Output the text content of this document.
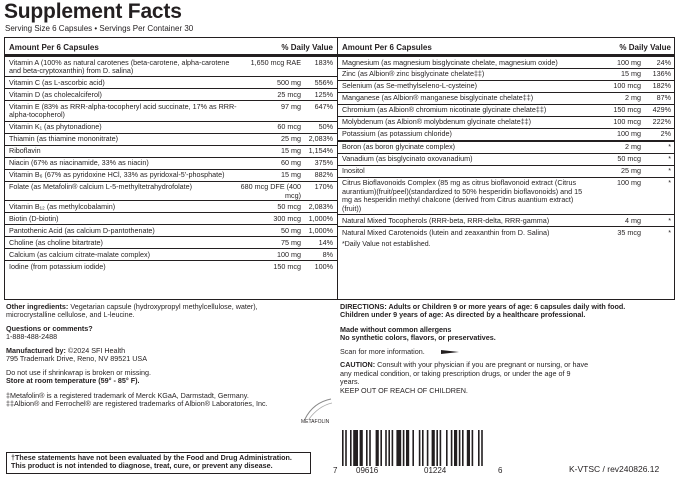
Supplement Facts
Serving Size 6 Capsules • Servings Per Container 30
Amount Per 6 Capsules	% Daily Value
Vitamin A (100% as natural carotenes (beta-carotene, alpha-carotene and beta-cryptoxanthin) from D. salina)
1,650 mcg RAE	183%
Vitamin C (as L-ascorbic acid)	500 mg	556%
Vitamin D (as cholecalciferol)	25 mcg	125%
Vitamin E (83% as RRR-alpha-tocopheryl acid succinate, 17% as RRR-alpha-tocopherol)
97 mg	647%
Vitamin K₁ (as phytonadione)	60 mcg	50%
Thiamin (as thiamine mononitrate)	25 mg	2,083%
Riboflavin	15 mg	1,154%
Niacin (67% as niacinamide, 33% as niacin)	60 mg	375%
Vitamin B₆ (67% as pyridoxine HCl, 33% as pyridoxal-5'-phosphate)	15 mg	882%
Folate (as Metafolin® calcium L-5-methyltetrahydrofolate)	680 mcg DFE (400 mcg)
170%
Vitamin B₁₂ (as methylcobalamin)	50 mcg	2,083%
Biotin (D-biotin)	300 mcg	1,000%
Pantothenic Acid (as calcium D-pantothenate)	50 mg	1,000%
Choline (as choline bitartrate)	75 mg	14%
Calcium (as calcium citrate-malate complex)	100 mg	8%
Iodine (from potassium iodide)	150 mcg	100%
Amount Per 6 Capsules	% Daily Value
Magnesium (as magnesium bisglycinate chelate, magnesium oxide)	100 mg	24%
Zinc (as Albion® zinc bisglycinate chelate‡‡)	15 mg	136%
Selenium (as Se-methylseleno-L-cysteine)	100 mcg	182%
Manganese (as Albion® manganese bisglycinate chelate‡‡)	2 mg	87%
Chromium (as Albion® chromium nicotinate glycinate chelate‡‡)	150 mcg	429%
Molybdenum (as Albion® molybdenum glycinate chelate‡‡)	100 mcg	222%
Potassium (as potassium chloride)	100 mg	2%
Boron (as boron glycinate complex)	2 mg	*
Vanadium (as bisglycinato oxovanadium)	50 mcg	*
Inositol	25 mg	*
Citrus Bioflavonoids Complex (85 mg as citrus bioflavonoid extract (Citrus aurantium)(fruit/peel)(standardized to 50% hesperidin bioflavonoids) and 15 mg as hesperidin methyl chalcone (derived from Citrus auantium extract)(fruit))
100 mg	*
Natural Mixed Tocopherols (RRR-beta, RRR-delta, RRR-gamma)	4 mg	*
Natural Mixed Carotenoids (lutein and zeaxanthin from D. Salina)	35 mcg	*
*Daily Value not established.

Other ingredients: Vegetarian capsule (hydroxypropyl methylcellulose, water), microcrystalline cellulose, and L-leucine.

Questions or comments?

1-888-488-2488

Manufactured by: ©2024 SFI Health

795 Trademark Drive, Reno, NV 89521 USA

Do not use if shrinkwrap is broken or missing.

Store at room temperature (59° - 85° F).

‡Metafolin® is a registered trademark of Merck KGaA, Darmstadt, Germany.

‡‡Albion® and Ferrochel® are registered trademarks of Albion® Laboratories, Inc.

METAFOLIN

†These statements have not been evaluated by the Food and Drug Administration.

This product is not intended to diagnose, treat, cure, or prevent any disease.

DIRECTIONS: Adults or Children 9 or more years of age: 6 capsules daily with food.

Children under 9 years of age: As directed by a healthcare professional.

Made without common allergens

No synthetic colors, flavors, or preservatives.

Scan for more information.

CAUTION: Consult with your physician if you are pregnant or nursing, or have any medical condition, or taking prescription drugs, or under the age of 9 years.

KEEP OUT OF REACH OF CHILDREN.

7 09616	01224	6	K-VTSC / rev240826.12
